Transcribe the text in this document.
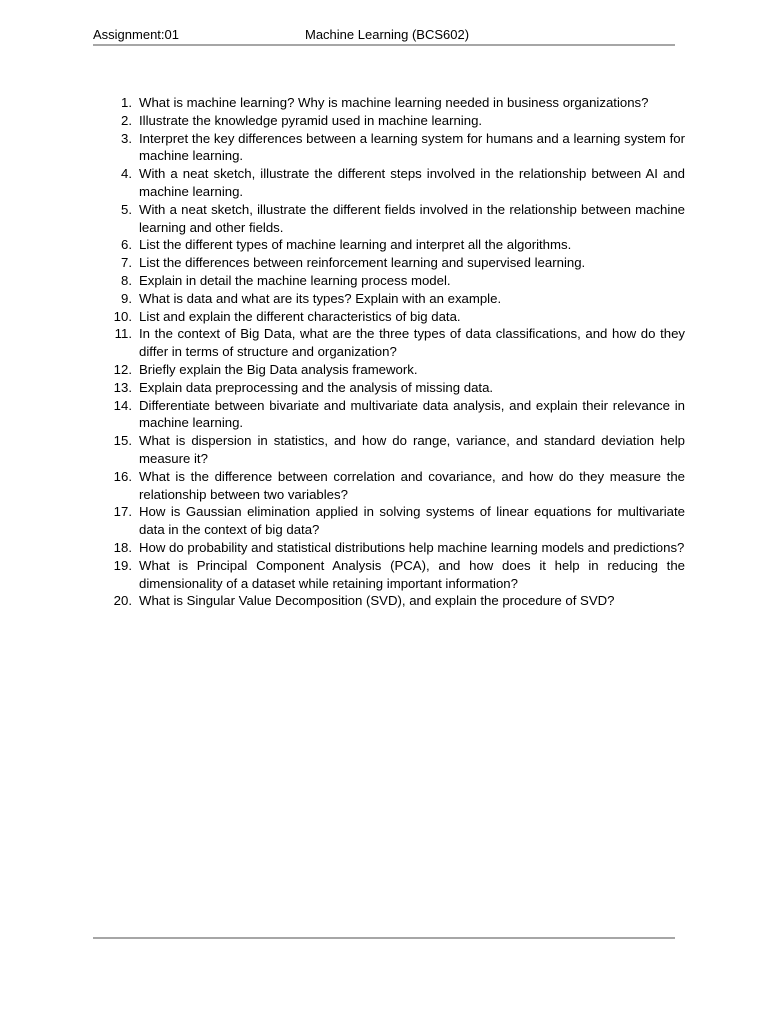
Assignment:01	Machine Learning (BCS602)
1. What is machine learning? Why is machine learning needed in business organizations?
2. Illustrate the knowledge pyramid used in machine learning.
3. Interpret the key differences between a learning system for humans and a learning system for machine learning.
4. With a neat sketch, illustrate the different steps involved in the relationship between AI and machine learning.
5. With a neat sketch, illustrate the different fields involved in the relationship between machine learning and other fields.
6. List the different types of machine learning and interpret all the algorithms.
7. List the differences between reinforcement learning and supervised learning.
8. Explain in detail the machine learning process model.
9. What is data and what are its types? Explain with an example.
10. List and explain the different characteristics of big data.
11. In the context of Big Data, what are the three types of data classifications, and how do they differ in terms of structure and organization?
12. Briefly explain the Big Data analysis framework.
13. Explain data preprocessing and the analysis of missing data.
14. Differentiate between bivariate and multivariate data analysis, and explain their relevance in machine learning.
15. What is dispersion in statistics, and how do range, variance, and standard deviation help measure it?
16. What is the difference between correlation and covariance, and how do they measure the relationship between two variables?
17. How is Gaussian elimination applied in solving systems of linear equations for multivariate data in the context of big data?
18. How do probability and statistical distributions help machine learning models and predictions?
19. What is Principal Component Analysis (PCA), and how does it help in reducing the dimensionality of a dataset while retaining important information?
20. What is Singular Value Decomposition (SVD), and explain the procedure of SVD?
